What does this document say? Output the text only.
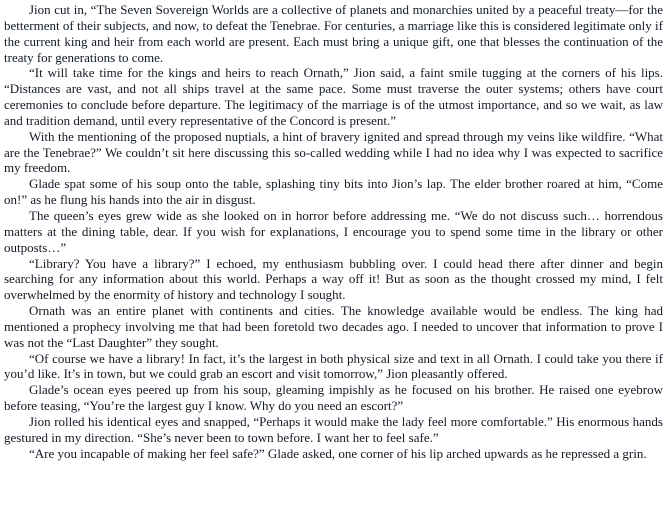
Jion cut in, “The Seven Sovereign Worlds are a collective of planets and monarchies united by a peaceful treaty—for the betterment of their subjects, and now, to defeat the Tenebrae. For centuries, a marriage like this is considered legitimate only if the current king and heir from each world are present. Each must bring a unique gift, one that blesses the continuation of the treaty for generations to come.

“It will take time for the kings and heirs to reach Ornath,” Jion said, a faint smile tugging at the corners of his lips. “Distances are vast, and not all ships travel at the same pace. Some must traverse the outer systems; others have court ceremonies to conclude before departure. The legitimacy of the marriage is of the utmost importance, and so we wait, as law and tradition demand, until every representative of the Concord is present.”

With the mentioning of the proposed nuptials, a hint of bravery ignited and spread through my veins like wildfire. “What are the Tenebrae?” We couldn’t sit here discussing this so-called wedding while I had no idea why I was expected to sacrifice my freedom.

Glade spat some of his soup onto the table, splashing tiny bits into Jion’s lap. The elder brother roared at him, “Come on!” as he flung his hands into the air in disgust.

The queen’s eyes grew wide as she looked on in horror before addressing me. “We do not discuss such… horrendous matters at the dining table, dear. If you wish for explanations, I encourage you to spend some time in the library or other outposts…”

“Library? You have a library?” I echoed, my enthusiasm bubbling over. I could head there after dinner and begin searching for any information about this world. Perhaps a way off it! But as soon as the thought crossed my mind, I felt overwhelmed by the enormity of history and technology I sought.

Ornath was an entire planet with continents and cities. The knowledge available would be endless. The king had mentioned a prophecy involving me that had been foretold two decades ago. I needed to uncover that information to prove I was not the “Last Daughter” they sought.

“Of course we have a library! In fact, it’s the largest in both physical size and text in all Ornath. I could take you there if you’d like. It’s in town, but we could grab an escort and visit tomorrow,” Jion pleasantly offered.

Glade’s ocean eyes peered up from his soup, gleaming impishly as he focused on his brother. He raised one eyebrow before teasing, “You’re the largest guy I know. Why do you need an escort?”

Jion rolled his identical eyes and snapped, “Perhaps it would make the lady feel more comfortable.” His enormous hands gestured in my direction. “She’s never been to town before. I want her to feel safe.”

“Are you incapable of making her feel safe?” Glade asked, one corner of his lip arched upwards as he repressed a grin.
